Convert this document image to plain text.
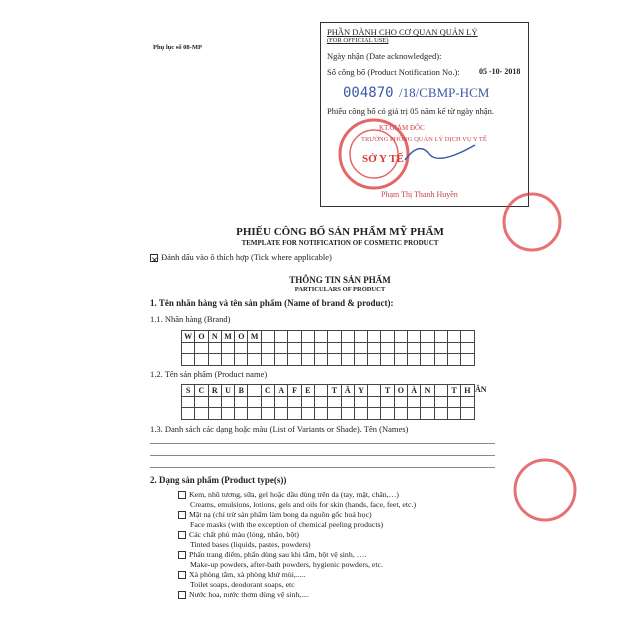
Phụ lục số 08-MP
PHẦN DÀNH CHO CƠ QUAN QUẢN LÝ
(FOR OFFICIAL USE)
Ngày nhận (Date acknowledged):
Số công bố (Product Notification No.): 05 -10- 2018
004870 /18/CBMP-HCM
Phiếu công bố có giá trị 05 năm kể từ ngày nhận.
KT.GIÁM ĐỐC
TRƯỞNG PHÒNG QUẢN LÝ DỊCH VỤ Y TẾ
Phạm Thị Thanh Huyền
SỞ Y TẾ
PHIẾU CÔNG BỐ SẢN PHẨM MỸ PHẨM
TEMPLATE FOR NOTIFICATION OF COSMETIC PRODUCT
✕ Đánh dấu vào ô thích hợp (Tick where applicable)
THÔNG TIN SẢN PHẨM
PARTICULARS OF PRODUCT
1. Tên nhãn hàng và tên sản phẩm (Name of brand & product):
1.1. Nhãn hàng (Brand)
W O N M O M
1.2. Tên sản phẩm (Product name)
S	C R U B	C A F	E	T Â Y	T O À N	T H
1.3. Danh sách các dạng hoặc màu (List of Variants or Shade). Tên (Names)
2. Dạng sản phẩm (Product type(s))
Kem, nhũ tương, sữa, gel hoặc dầu dùng trên da (tay, mặt, chân,…)
Creams, emulsions, lotions, gels and oils for skin (hands, face, feet, etc.)
Mặt nạ (chỉ trừ sản phẩm làm bong da nguồn gốc hoá học)
Face masks (with the exception of chemical peeling products)
Các chất phủ màu (lỏng, nhão, bột)
Tinted bases (liquids, pastes, powders)
Phấn trang điểm, phấn dùng sau khi tắm, bột vệ sinh, ….
Make-up powders, after-bath powders, hygienic powders, etc.
Xà phòng tắm, xà phòng khử mùi,.....
Toilet soaps, deodorant soaps, etc
Nước hoa, nước thơm dùng vệ sinh,....
ÂN
